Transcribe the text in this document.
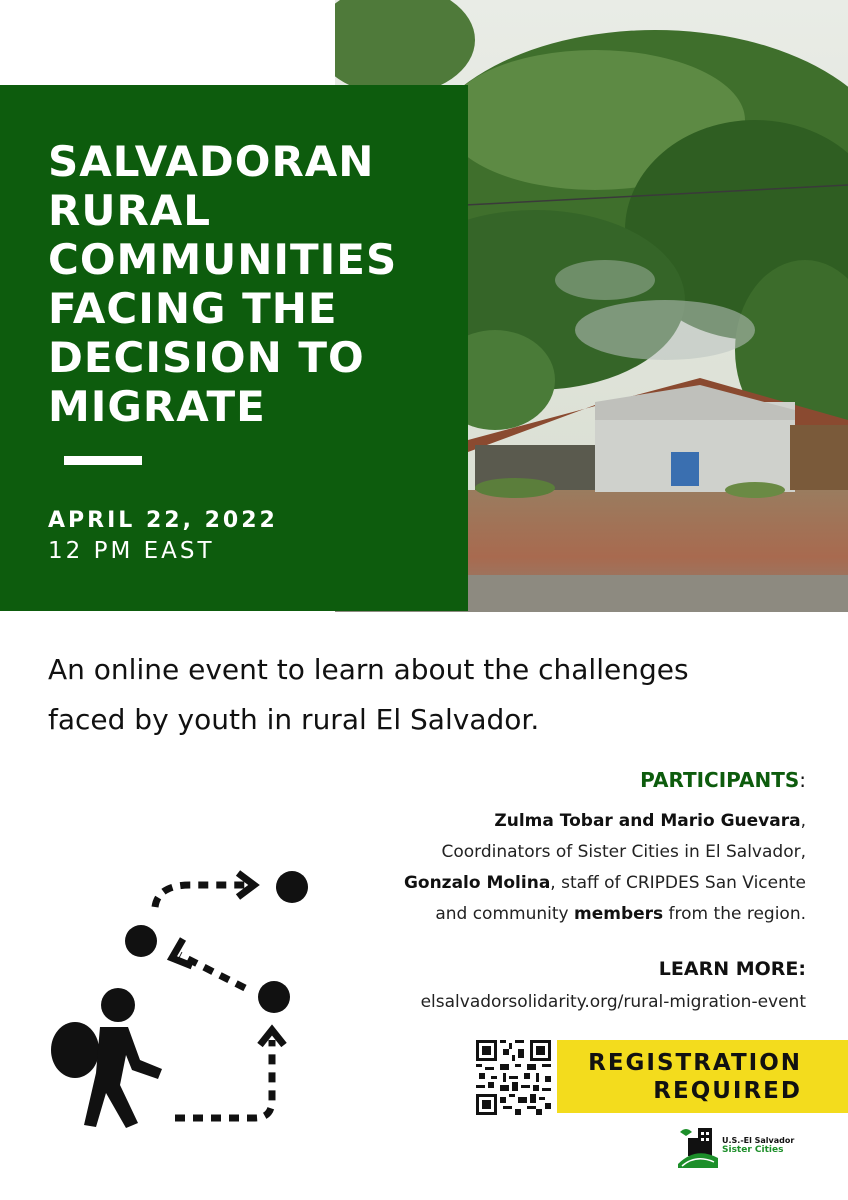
SALVADORAN
RURAL
COMMUNITIES
FACING THE
DECISION TO
MIGRATE
APRIL 22, 2022
12 PM EAST
An online event to learn about the challenges
faced by youth in rural El Salvador.
PARTICIPANTS:
Zulma Tobar and Mario Guevara,
Coordinators of Sister Cities in El Salvador,
Gonzalo Molina, staff of CRIPDES San Vicente
and community members from the region.
LEARN MORE:
elsalvadorsolidarity.org/rural-migration-event
REGISTRATION
REQUIRED
U.S.-El Salvador
Sister Cities
